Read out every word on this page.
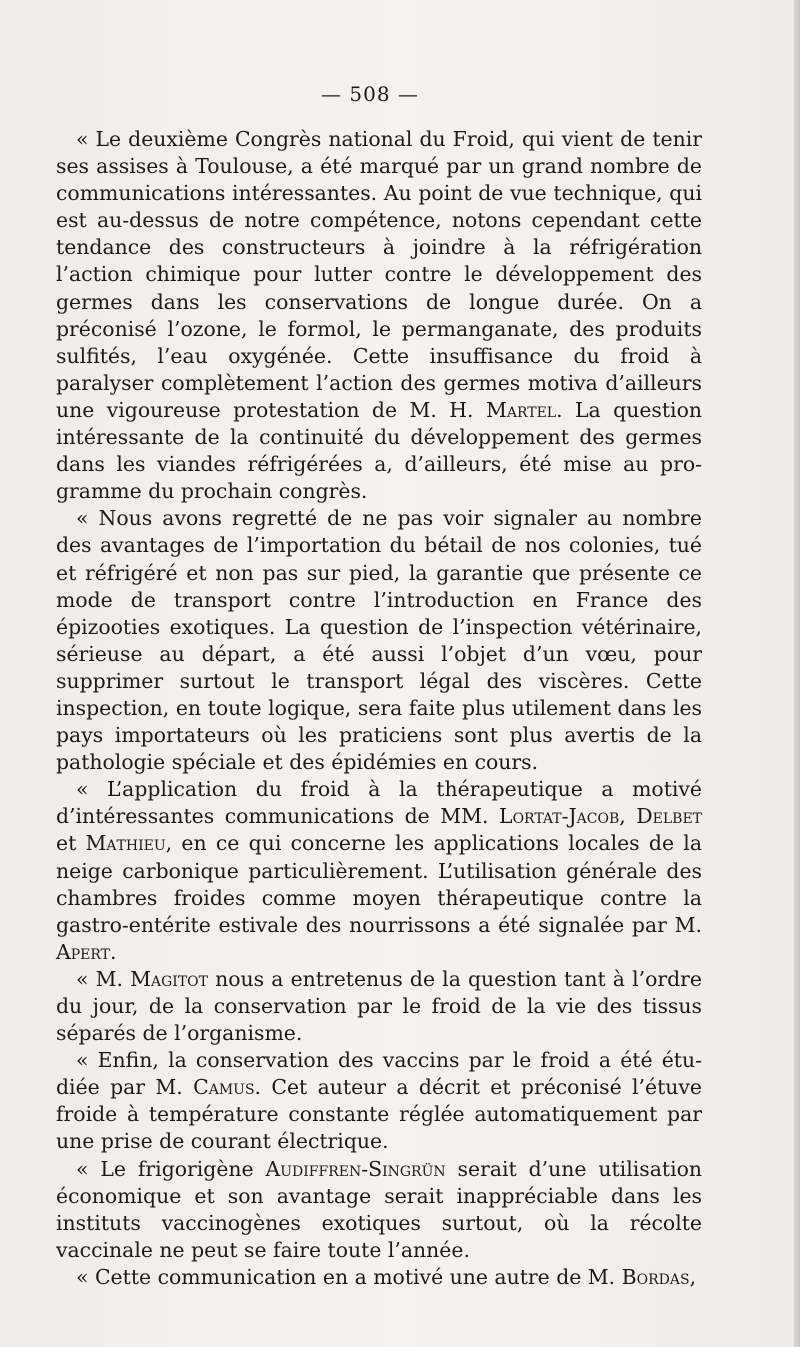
— 508 —

« Le deuxième Congrès national du Froid, qui vient de tenir ses assises à Toulouse, a été marqué par un grand nombre de communications intéressantes. Au point de vue technique, qui est au-dessus de notre compétence, notons cependant cette tendance des constructeurs à joindre à la réfrigération l’action chimique pour lutter contre le développement des germes dans les conservations de longue durée. On a préconisé l’ozone, le formol, le permanganate, des produits sulfités, l’eau oxygénée. Cette insuffisance du froid à paralyser complètement l’action des germes motiva d’ailleurs une vigoureuse protestation de M. H. Martel. La question intéressante de la continuité du développement des germes dans les viandes réfrigérées a, d’ailleurs, été mise au programme du prochain congrès.

« Nous avons regretté de ne pas voir signaler au nombre des avantages de l’importation du bétail de nos colonies, tué et réfrigéré et non pas sur pied, la garantie que présente ce mode de transport contre l’introduction en France des épizooties exotiques. La question de l’inspection vétérinaire, sérieuse au départ, a été aussi l’objet d’un vœu, pour supprimer surtout le transport légal des viscères. Cette inspection, en toute logique, sera faite plus utilement dans les pays importateurs où les praticiens sont plus avertis de la pathologie spéciale et des épidémies en cours.

« L’application du froid à la thérapeutique a motivé d’intéressantes communications de MM. Lortat-Jacob, Delbet et Mathieu, en ce qui concerne les applications locales de la neige carbonique particulièrement. L’utilisation générale des chambres froides comme moyen thérapeutique contre la gastro-entérite estivale des nourrissons a été signalée par M. Apert.

« M. Magitot nous a entretenus de la question tant à l’ordre du jour, de la conservation par le froid de la vie des tissus séparés de l’organisme.

« Enfin, la conservation des vaccins par le froid a été étudiée par M. Camus. Cet auteur a décrit et préconisé l’étuve froide à température constante réglée automatiquement par une prise de courant électrique.

« Le frigorigène Audiffren-Singrün serait d’une utilisation économique et son avantage serait inappréciable dans les instituts vaccinogènes exotiques surtout, où la récolte vaccinale ne peut se faire toute l’année.

« Cette communication en a motivé une autre de M. Bordas,
